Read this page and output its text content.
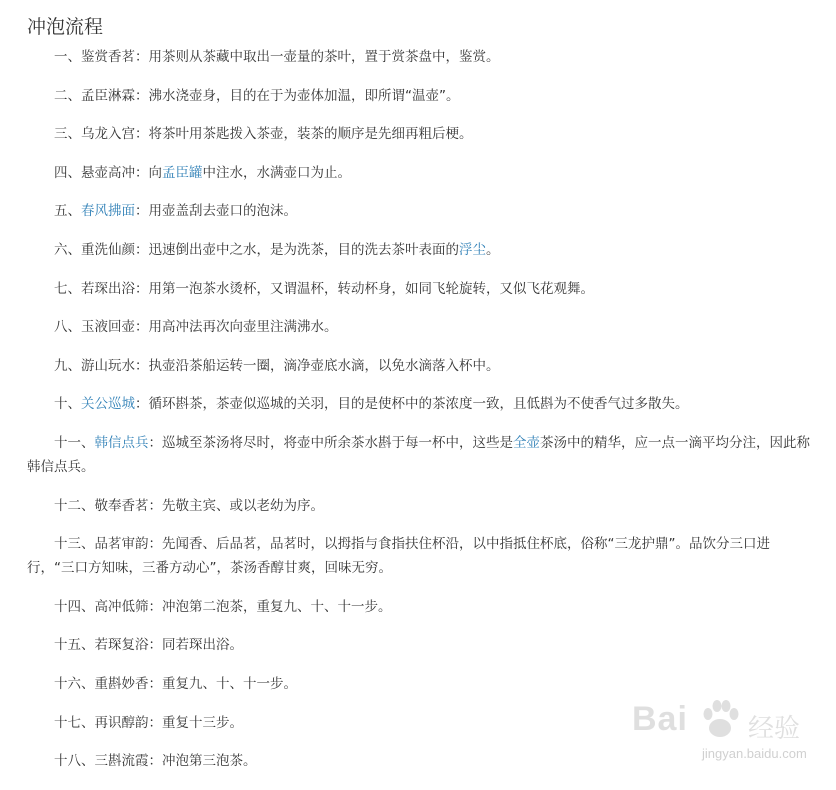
冲泡流程
一、鉴赏香茗：用茶则从茶藏中取出一壶量的茶叶，置于赏茶盘中，鉴赏。
二、孟臣淋霖：沸水浇壶身，目的在于为壶体加温，即所谓“温壶”。
三、乌龙入宫：将茶叶用茶匙拨入茶壶，装茶的顺序是先细再粗后梗。
四、悬壶高冲：向孟臣罐中注水，水满壶口为止。
五、春风拂面：用壶盖刮去壶口的泡沫。
六、重洗仙颜：迅速倒出壶中之水，是为洗茶，目的洗去茶叶表面的浮尘。
七、若琛出浴：用第一泡茶水烫杯，又谓温杯，转动杯身，如同飞轮旋转，又似飞花观舞。
八、玉液回壶：用高冲法再次向壶里注满沸水。
九、游山玩水：执壶沿茶船运转一圈，滴净壶底水滴，以免水滴落入杯中。
十、关公巡城：循环斟茶，茶壶似巡城的关羽，目的是使杯中的茶浓度一致，且低斟为不使香气过多散失。
十一、韩信点兵：巡城至茶汤将尽时，将壶中所余茶水斟于每一杯中，这些是全壶茶汤中的精华，应一点一滴平均分注，因此称韩信点兵。
十二、敬奉香茗：先敬主宾、或以老幼为序。
十三、品茗审韵：先闻香、后品茗，品茗时，以拇指与食指扶住杯沿，以中指抵住杯底，俗称“三龙护鼎”。品饮分三口进行，“三口方知味，三番方动心”，茶汤香醇甘爽，回味无穷。
十四、高冲低筛：冲泡第二泡茶，重复九、十、十一步。
十五、若琛复浴：同若琛出浴。
十六、重斟妙香：重复九、十、十一步。
十七、再识醇韵：重复十三步。
十八、三斟流霞：冲泡第三泡茶。
Bai 经验
jingyan.baidu.com
